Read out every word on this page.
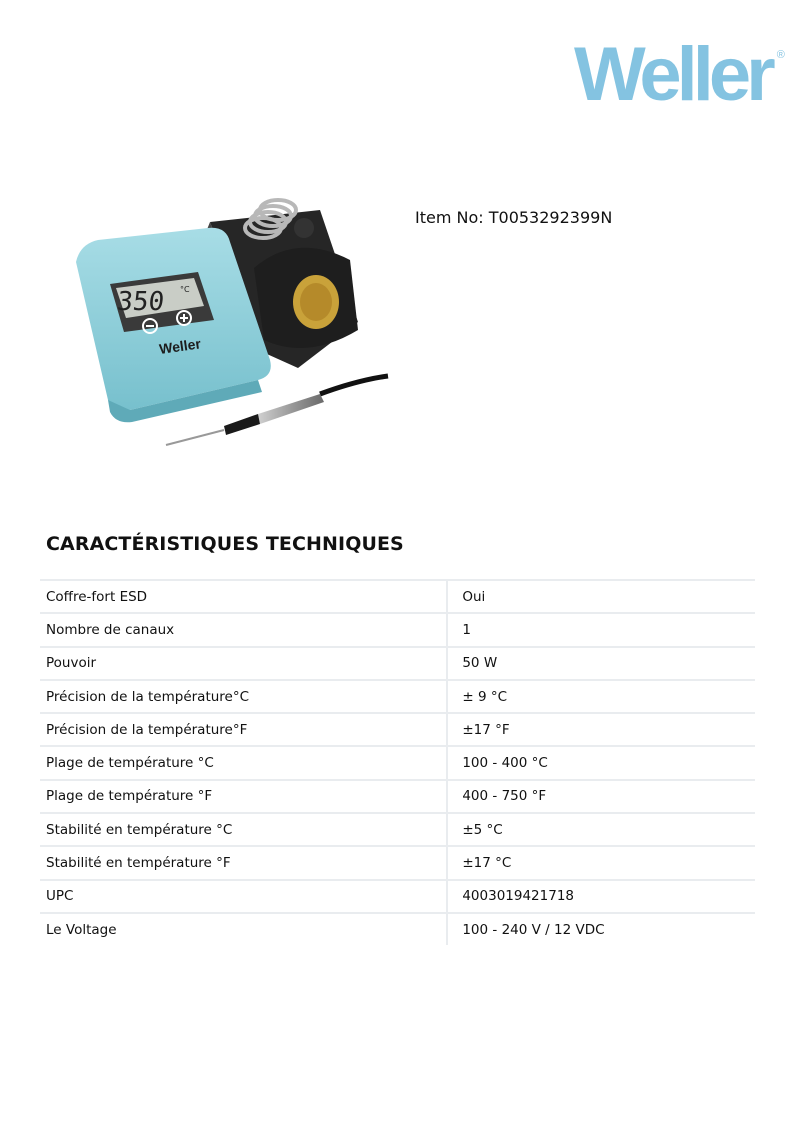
Weller ®
350 °C
Weller
Item No: T0053292399N
CARACTÉRISTIQUES TECHNIQUES
Coffre-fort ESD	Oui
Nombre de canaux	1
Pouvoir	50 W
Précision de la température°C	± 9 °C
Précision de la température°F	±17 °F
Plage de température °C	100 - 400 °C
Plage de température °F	400 - 750 °F
Stabilité en température °C	±5 °C
Stabilité en température °F	±17 °C
UPC	4003019421718
Le Voltage	100 - 240 V / 12 VDC
